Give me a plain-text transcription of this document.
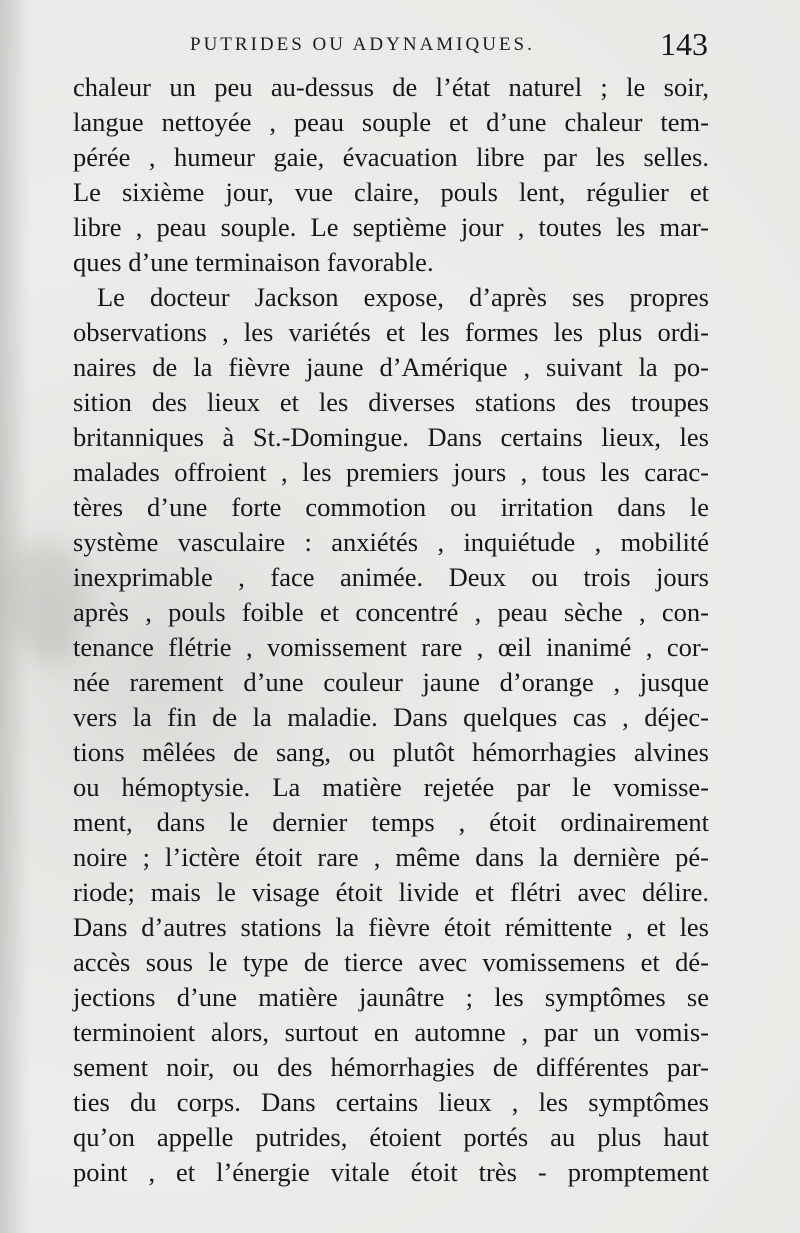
PUTRIDES OU ADYNAMIQUES.	143
chaleur un peu au-dessus de l’état naturel ; le soir,
langue nettoyée , peau souple et d’une chaleur tem-
pérée , humeur gaie, évacuation libre par les selles.
Le sixième jour, vue claire, pouls lent, régulier et
libre , peau souple. Le septième jour , toutes les mar-
ques d’une terminaison favorable.
Le docteur Jackson expose, d’après ses propres
observations , les variétés et les formes les plus ordi-
naires de la fièvre jaune d’Amérique , suivant la po-
sition des lieux et les diverses stations des troupes
britanniques à St.-Domingue. Dans certains lieux, les
malades offroient , les premiers jours , tous les carac-
tères d’une forte commotion ou irritation dans le
système vasculaire : anxiétés , inquiétude , mobilité
inexprimable , face animée. Deux ou trois jours
après , pouls foible et concentré , peau sèche , con-
tenance flétrie , vomissement rare , œil inanimé , cor-
née rarement d’une couleur jaune d’orange , jusque
vers la fin de la maladie. Dans quelques cas , déjec-
tions mêlées de sang, ou plutôt hémorrhagies alvines
ou hémoptysie. La matière rejetée par le vomisse-
ment, dans le dernier temps , étoit ordinairement
noire ; l’ictère étoit rare , même dans la dernière pé-
riode; mais le visage étoit livide et flétri avec délire.
Dans d’autres stations la fièvre étoit rémittente , et les
accès sous le type de tierce avec vomissemens et dé-
jections d’une matière jaunâtre ; les symptômes se
terminoient alors, surtout en automne , par un vomis-
sement noir, ou des hémorrhagies de différentes par-
ties du corps. Dans certains lieux , les symptômes
qu’on appelle putrides, étoient portés au plus haut
point , et l’énergie vitale étoit très - promptement
